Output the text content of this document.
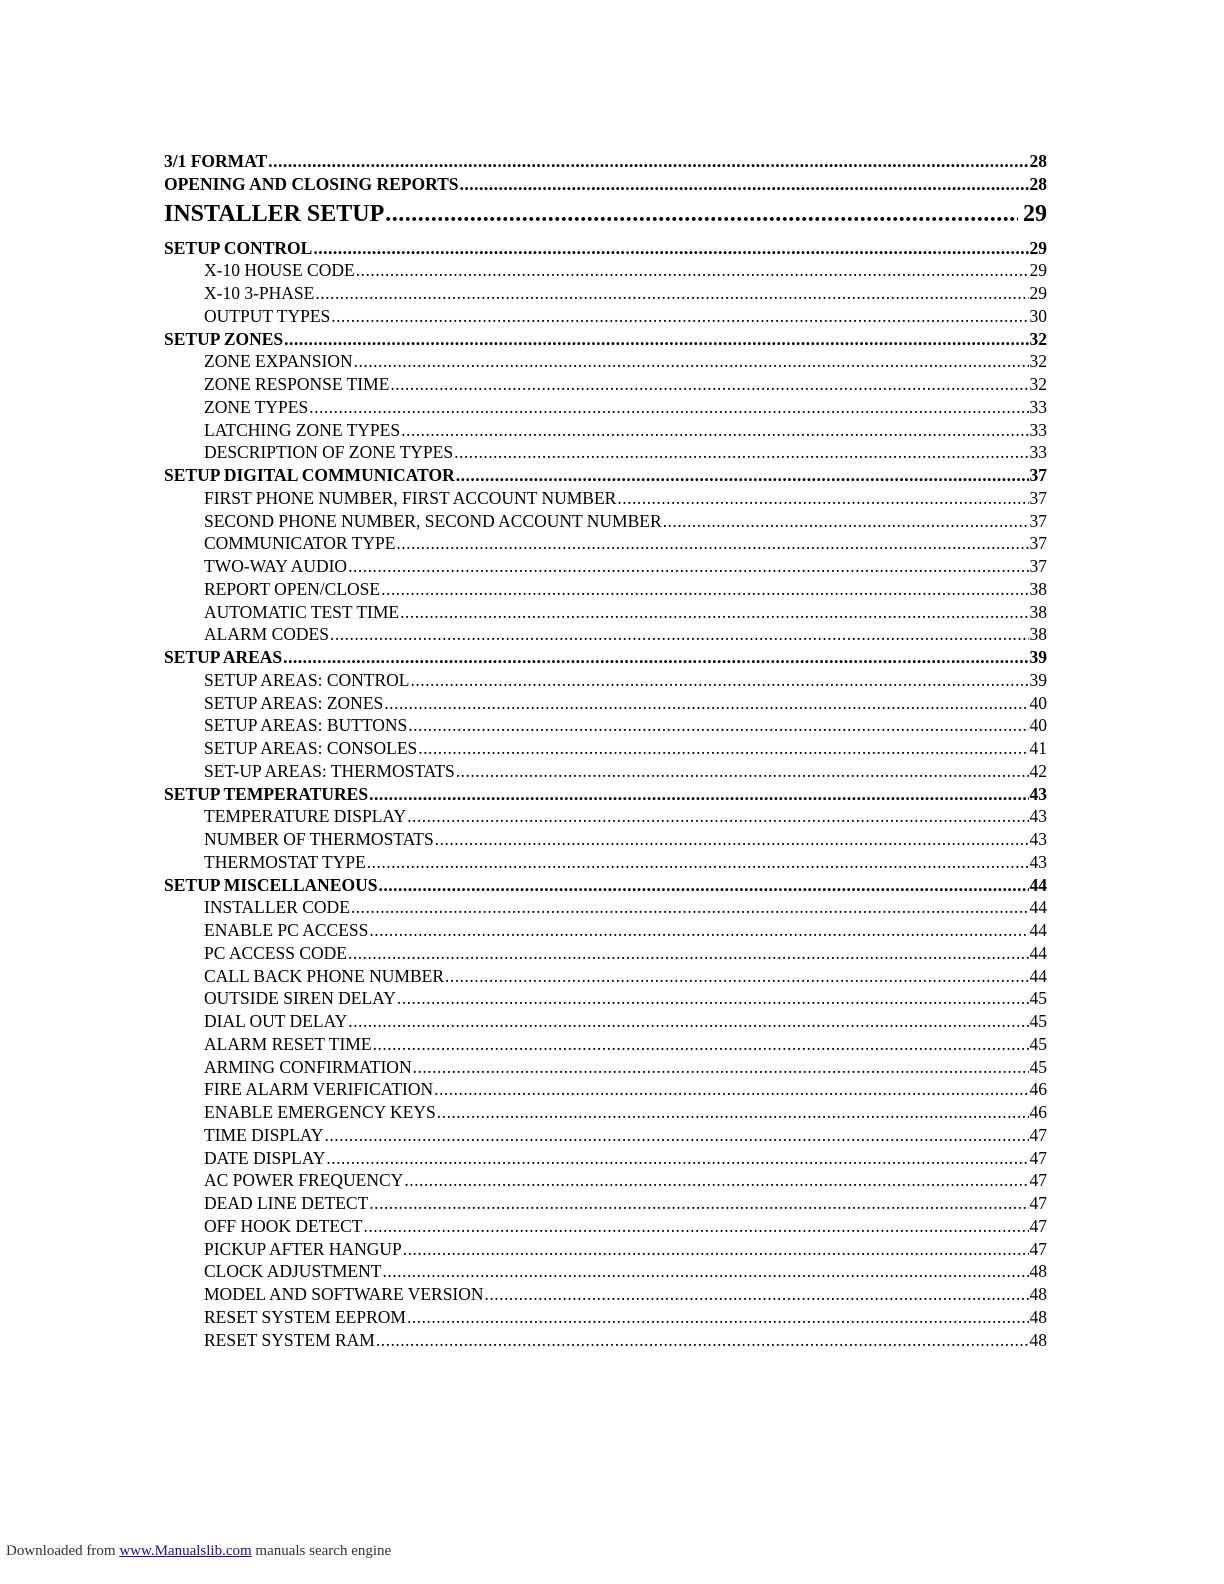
3/1 FORMAT .....	28
OPENING AND CLOSING REPORTS .....	28
INSTALLER SETUP .....	29
SETUP CONTROL .....	29
X-10 HOUSE CODE .....	29
X-10 3-PHASE .....	29
OUTPUT TYPES .....	30
SETUP ZONES .....	32
ZONE EXPANSION .....	32
ZONE RESPONSE TIME .....	32
ZONE TYPES .....	33
LATCHING ZONE TYPES .....	33
DESCRIPTION OF ZONE TYPES .....	33
SETUP DIGITAL COMMUNICATOR .....	37
FIRST PHONE NUMBER, FIRST ACCOUNT NUMBER .....	37
SECOND PHONE NUMBER, SECOND ACCOUNT NUMBER .....	37
COMMUNICATOR TYPE .....	37
TWO-WAY AUDIO .....	37
REPORT OPEN/CLOSE .....	38
AUTOMATIC TEST TIME .....	38
ALARM CODES .....	38
SETUP AREAS .....	39
SETUP AREAS: CONTROL .....	39
SETUP AREAS: ZONES .....	40
SETUP AREAS: BUTTONS .....	40
SETUP AREAS: CONSOLES .....	41
SET-UP AREAS: THERMOSTATS .....	42
SETUP TEMPERATURES .....	43
TEMPERATURE DISPLAY .....	43
NUMBER OF THERMOSTATS .....	43
THERMOSTAT TYPE .....	43
SETUP MISCELLANEOUS .....	44
INSTALLER CODE .....	44
ENABLE PC ACCESS .....	44
PC ACCESS CODE .....	44
CALL BACK PHONE NUMBER .....	44
OUTSIDE SIREN DELAY .....	45
DIAL OUT DELAY .....	45
ALARM RESET TIME .....	45
ARMING CONFIRMATION .....	45
FIRE ALARM VERIFICATION .....	46
ENABLE EMERGENCY KEYS .....	46
TIME DISPLAY .....	47
DATE DISPLAY .....	47
AC POWER FREQUENCY .....	47
DEAD LINE DETECT .....	47
OFF HOOK DETECT .....	47
PICKUP AFTER HANGUP .....	47
CLOCK ADJUSTMENT .....	48
MODEL AND SOFTWARE VERSION .....	48
RESET SYSTEM EEPROM .....	48
RESET SYSTEM RAM .....	48
Downloaded from www.Manualslib.com manuals search engine
